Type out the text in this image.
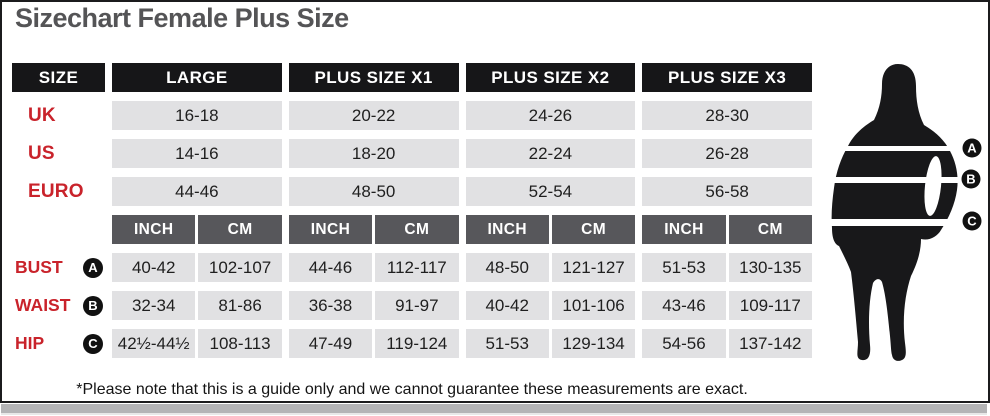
Sizechart Female Plus Size
SIZE	LARGE	PLUS SIZE X1	PLUS SIZE X2	PLUS SIZE X3
UK	16-18	20-22	24-26	28-30
US	14-16	18-20	22-24	26-28
EURO	44-46	48-50	52-54	56-58
INCH	CM	INCH	CM	INCH	CM	INCH	CM
BUST	A	40-42	102-107	44-46	112-117	48-50	121-127	51-53	130-135
WAIST	B	32-34	81-86	36-38	91-97	40-42	101-106	43-46	109-117
HIP	C	42½-44½	108-113	47-49	119-124	51-53	129-134	54-56	137-142
A
B
C
*Please note that this is a guide only and we cannot guarantee these measurements are exact.
